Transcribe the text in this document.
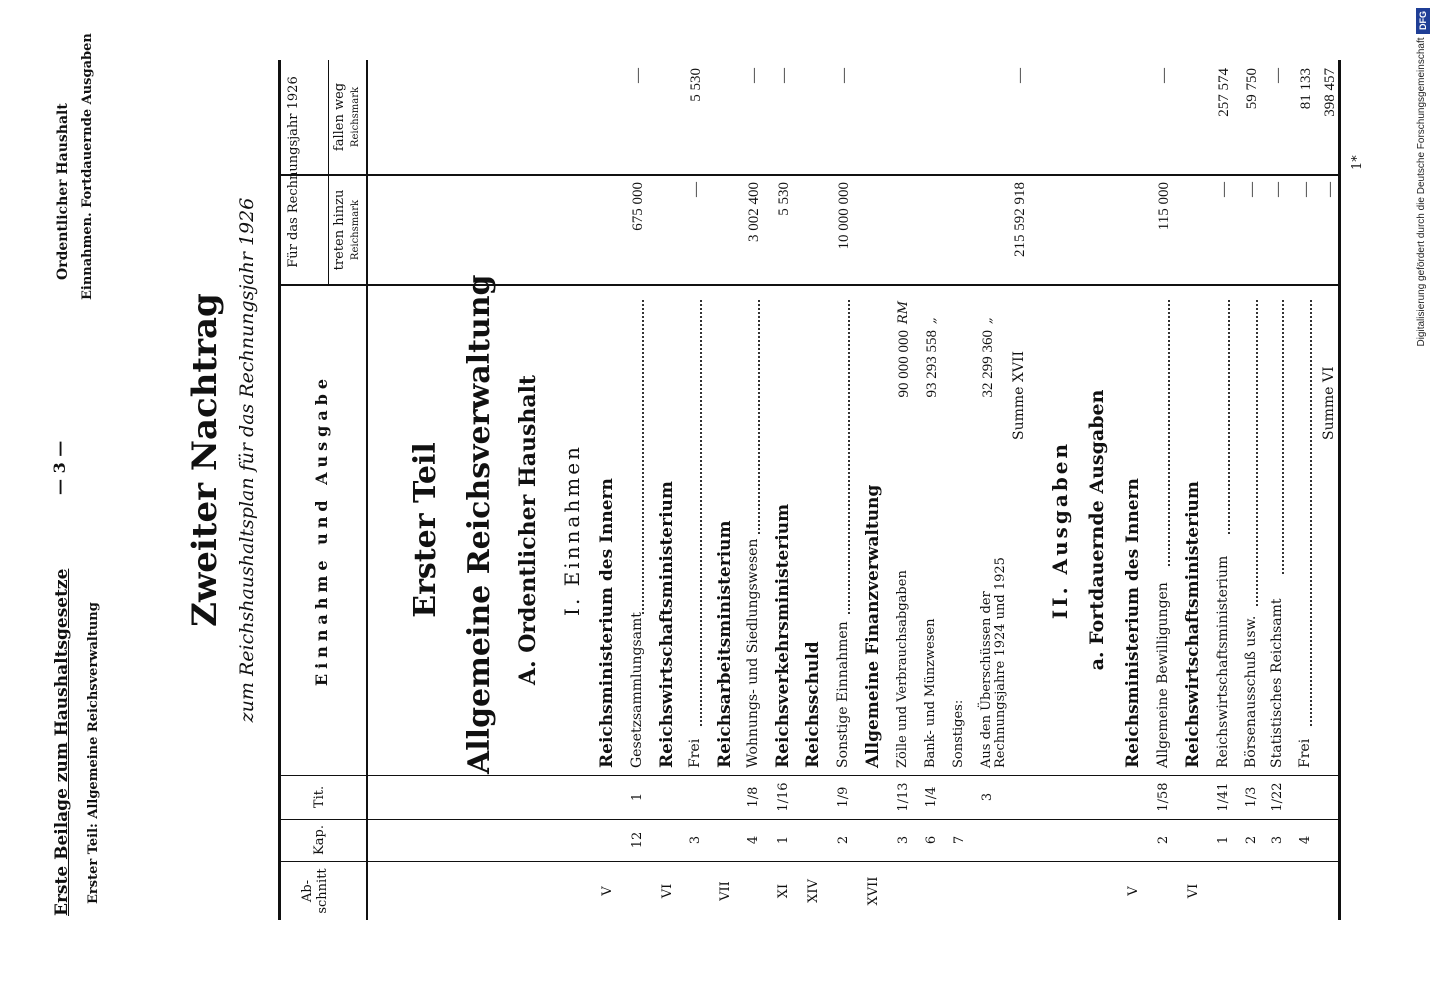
Erste Beilage zum Haushaltsgesetze Erster Teil: Allgemeine Reichsverwaltung
— 3 —
Ordentlicher Haushalt Einnahmen. Fortdauernde Ausgaben
Zweiter Nachtrag zum Reichshaushaltsplan für das Rechnungsjahr 1926
Ab- schnitt
Kap.
Tit.
Einnahme und Ausgabe
Für das Rechnungsjahr 1926 treten hinzu
fallen weg
Reichsmark
Reichsmark
Erster Teil Allgemeine Reichsverwaltung A. Ordentlicher Haushalt I. Einnahmen	II. Ausgaben a. Fortdauernde Ausgaben
V
Reichsministerium des Innern
12
1
Gesetzsammlungsamt
675 000
—
VI
Reichswirtschaftsministerium
3
Frei
—
5 530
VII
Reichsarbeitsministerium
4
1/8
Wohnungs- und Siedlungswesen
3 002 400
—
XI
1
1/16
Reichsverkehrsministerium
5 530
—
XIV
Reichsschuld
2
1/9
Sonstige Einnahmen
10 000 000
—
XVII
Allgemeine Finanzverwaltung
3
1/13
Zölle und Verbrauchsabgaben
90 000 000
RM
6
1/4
Bank- und Münzwesen
93 293 558
„
7
Sonstiges:
3
Aus den Überschüssen der Rechnungsjahre 1924 und 1925
32 299 360
„
Summe XVII
215 592 918
—
V
Reichsministerium des Innern
2
1/58
Allgemeine Bewilligungen
115 000
—
VI
Reichswirtschaftsministerium
1
1/41
Reichswirtschaftsministerium
—
257 574
2
1/3
Börsenausschuß usw.
—
59 750
3
1/22
Statistisches Reichsamt
—
—
4
Frei
—
81 133
Summe VI
—
398 457
1*	Digitalisierung gefördert durch die Deutsche Forschungsgemeinschaft
DFG
